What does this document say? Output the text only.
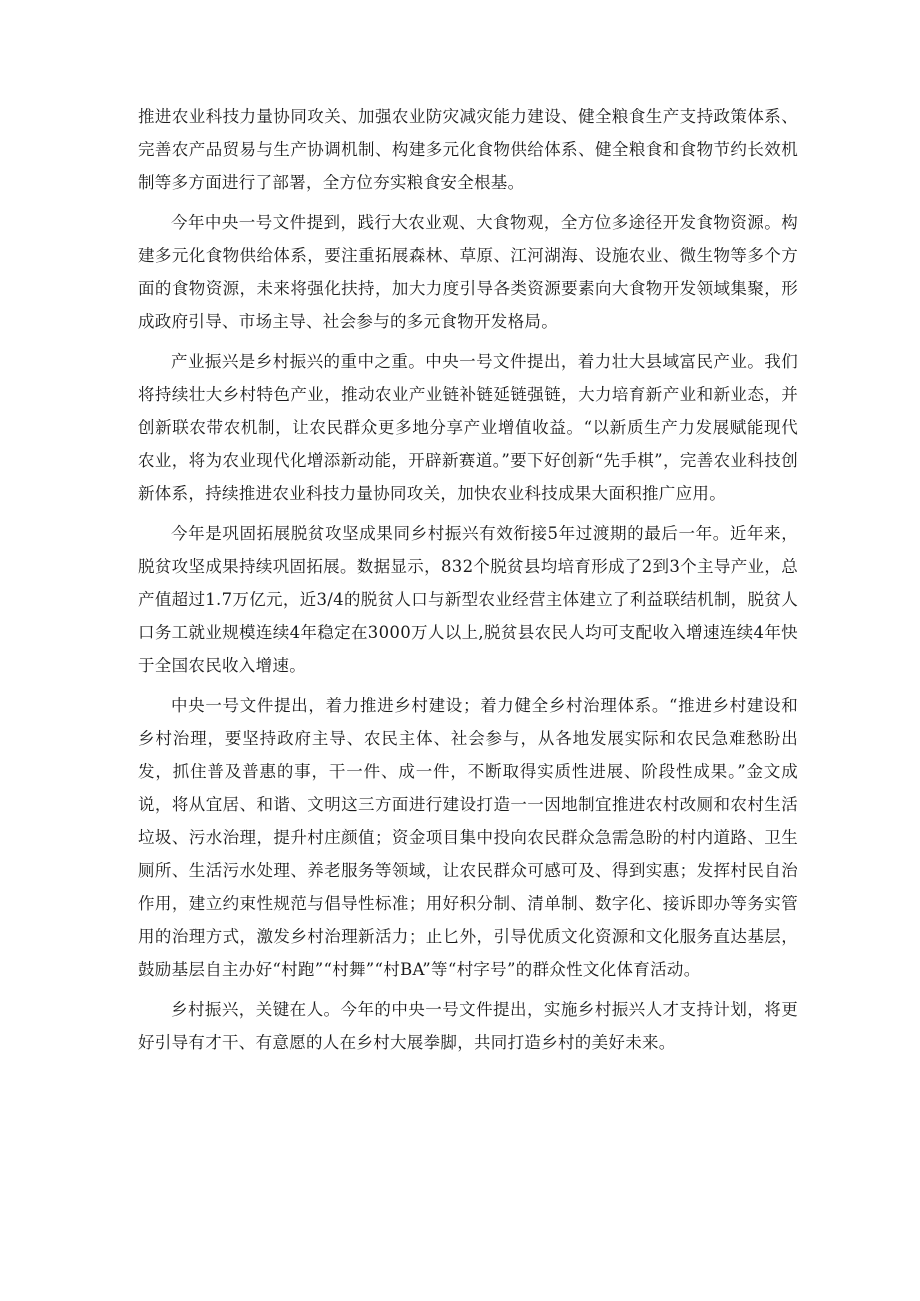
推进农业科技力量协同攻关、加强农业防灾减灾能力建设、健全粮食生产支持政策体系、完善农产品贸易与生产协调机制、构建多元化食物供给体系、健全粮食和食物节约长效机制等多方面进行了部署，全方位夯实粮食安全根基。

今年中央一号文件提到，践行大农业观、大食物观，全方位多途径开发食物资源。构建多元化食物供给体系，要注重拓展森林、草原、江河湖海、设施农业、微生物等多个方面的食物资源，未来将强化扶持，加大力度引导各类资源要素向大食物开发领域集聚，形成政府引导、市场主导、社会参与的多元食物开发格局。

产业振兴是乡村振兴的重中之重。中央一号文件提出，着力壮大县域富民产业。我们将持续壮大乡村特色产业，推动农业产业链补链延链强链，大力培育新产业和新业态，并创新联农带农机制，让农民群众更多地分享产业增值收益。“以新质生产力发展赋能现代农业，将为农业现代化增添新动能，开辟新赛道。”要下好创新“先手棋”，完善农业科技创新体系，持续推进农业科技力量协同攻关，加快农业科技成果大面积推广应用。

今年是巩固拓展脱贫攻坚成果同乡村振兴有效衔接5年过渡期的最后一年。近年来，脱贫攻坚成果持续巩固拓展。数据显示，832个脱贫县均培育形成了2到3个主导产业，总产值超过1.7万亿元，近3/4的脱贫人口与新型农业经营主体建立了利益联结机制，脱贫人口务工就业规模连续4年稳定在3000万人以上,脱贫县农民人均可支配收入增速连续4年快于全国农民收入增速。

中央一号文件提出，着力推进乡村建设；着力健全乡村治理体系。“推进乡村建设和乡村治理，要坚持政府主导、农民主体、社会参与，从各地发展实际和农民急难愁盼出发，抓住普及普惠的事，干一件、成一件，不断取得实质性进展、阶段性成果。”金文成说，将从宜居、和谐、文明这三方面进行建设打造一一因地制宜推进农村改厕和农村生活垃圾、污水治理，提升村庄颜值；资金项目集中投向农民群众急需急盼的村内道路、卫生厕所、生活污水处理、养老服务等领域，让农民群众可感可及、得到实惠；发挥村民自治作用，建立约束性规范与倡导性标准；用好积分制、清单制、数字化、接诉即办等务实管用的治理方式，激发乡村治理新活力；止匕外，引导优质文化资源和文化服务直达基层，鼓励基层自主办好“村跑”“村舞”“村BA”等“村字号”的群众性文化体育活动。

乡村振兴，关键在人。今年的中央一号文件提出，实施乡村振兴人才支持计划，将更好引导有才干、有意愿的人在乡村大展拳脚，共同打造乡村的美好未来。
